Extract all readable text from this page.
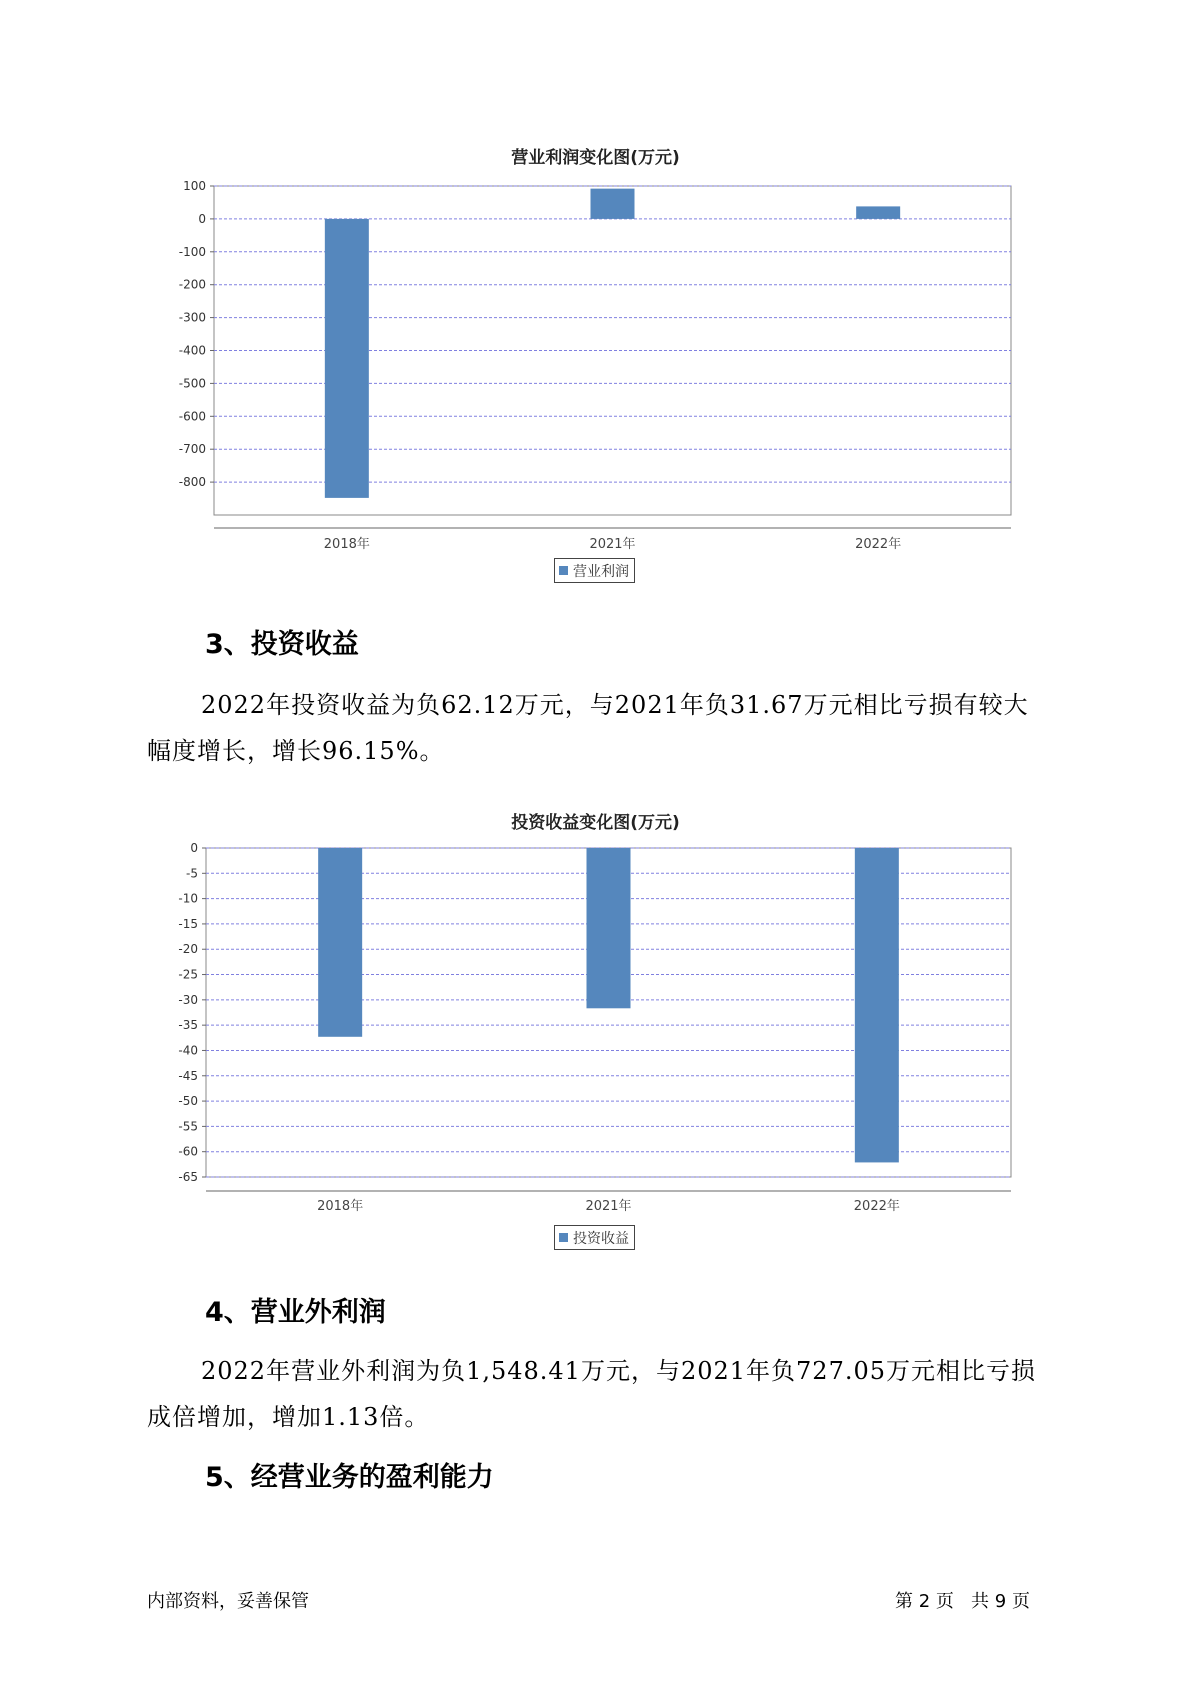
营业利润变化图(万元)
100
0
-100
-200
-300
-400
-500
-600
-700
-800
2018年	2021年	2022年
营业利润
3、投资收益

2022年投资收益为负62.12万元，与2021年负31.67万元相比亏损有较大幅度增长，增长96.15%。

投资收益变化图(万元)
0
-5
-10
-15
-20
-25
-30
-35
-40
-45
-50
-55
-60
-65
2018年	2021年	2022年
投资收益
4、营业外利润

2022年营业外利润为负1,548.41万元，与2021年负727.05万元相比亏损成倍增加，增加1.13倍。

5、经营业务的盈利能力
内部资料，妥善保管	第 2 页   共 9 页
